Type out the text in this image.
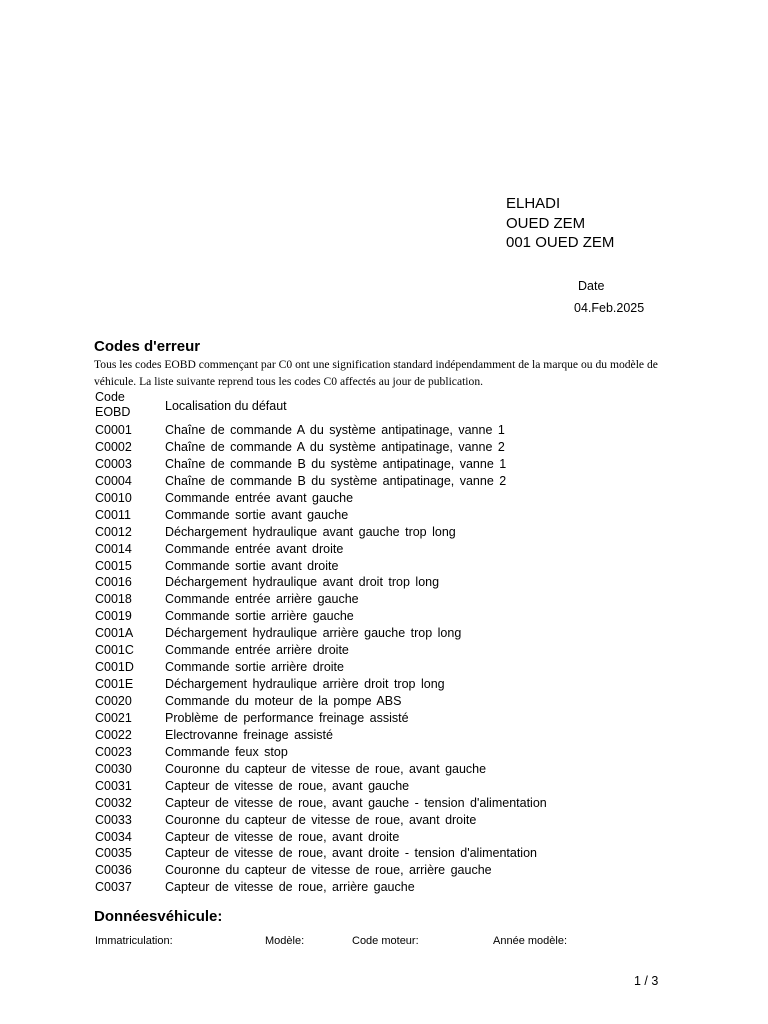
ELHADI
OUED ZEM
001 OUED ZEM
Date
04.Feb.2025
Codes d'erreur
Tous les codes EOBD commençant par C0 ont une signification standard indépendamment de la marque ou du modèle de véhicule. La liste suivante reprend tous les codes C0 affectés au jour de publication.
Code EOBD	Localisation du défaut
C0001	Chaîne de commande A du système antipatinage, vanne 1
C0002	Chaîne de commande A du système antipatinage, vanne 2
C0003	Chaîne de commande B du système antipatinage, vanne 1
C0004	Chaîne de commande B du système antipatinage, vanne 2
C0010	Commande entrée avant gauche
C0011	Commande sortie avant gauche
C0012	Déchargement hydraulique avant gauche trop long
C0014	Commande entrée avant droite
C0015	Commande sortie avant droite
C0016	Déchargement hydraulique avant droit trop long
C0018	Commande entrée arrière gauche
C0019	Commande sortie arrière gauche
C001A	Déchargement hydraulique arrière gauche trop long
C001C Commande entrée arrière droite
C001D Commande sortie arrière droite
C001E	Déchargement hydraulique arrière droit trop long
C0020	Commande du moteur de la pompe ABS
C0021	Problème de performance freinage assisté
C0022	Electrovanne freinage assisté
C0023	Commande feux stop
C0030	Couronne du capteur de vitesse de roue, avant gauche
C0031	Capteur de vitesse de roue, avant gauche
C0032	Capteur de vitesse de roue, avant gauche - tension d'alimentation
C0033	Couronne du capteur de vitesse de roue, avant droite
C0034	Capteur de vitesse de roue, avant droite
C0035	Capteur de vitesse de roue, avant droite - tension d'alimentation
C0036	Couronne du capteur de vitesse de roue, arrière gauche
C0037	Capteur de vitesse de roue, arrière gauche
Donnéesvéhicule:
Immatriculation:	Modèle:	Code moteur:	Année modèle:
1 / 3
